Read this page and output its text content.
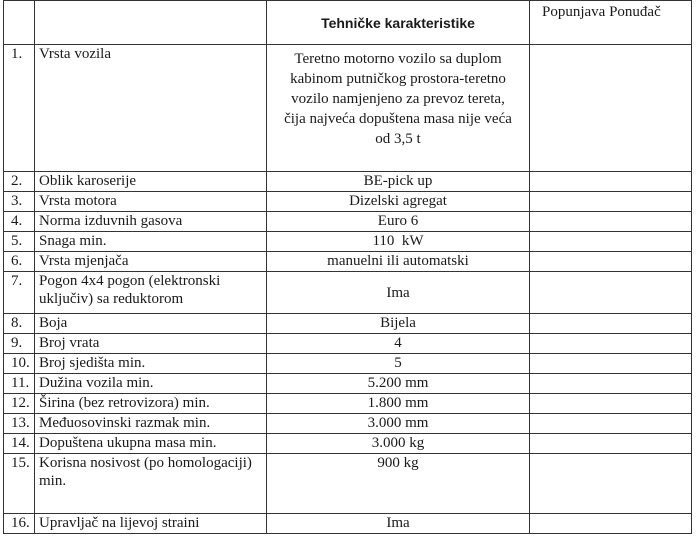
		Tehničke karakteristike	Popunjava Ponuđač
1.	Vrsta vozila	Teretno motorno vozilo sa duplom kabinom putničkog prostora-teretno vozilo namjenjeno za prevoz tereta, čija najveća dopuštena masa nije veća od 3,5 t	
2.	Oblik karoserije	BE-pick up	
3.	Vrsta motora	Dizelski agregat	
4.	Norma izduvnih gasova	Euro 6	
5.	Snaga min.	110  kW	
6.	Vrsta mjenjača	manuelni ili automatski	
7.	Pogon 4x4 pogon (elektronski uključiv) sa reduktorom	Ima	
8.	Boja	Bijela	
9.	Broj vrata	4	
10.	Broj sjedišta min.	5	
11.	Dužina vozila min.	5.200 mm	
12.	Širina (bez retrovizora) min.	1.800 mm	
13.	Međuosovinski razmak min.	3.000 mm	
14.	Dopuštena ukupna masa min.	3.000 kg	
15.	Korisna nosivost (po homologaciji) min.	900 kg	
16.	Upravljač na lijevoj straini	Ima	
